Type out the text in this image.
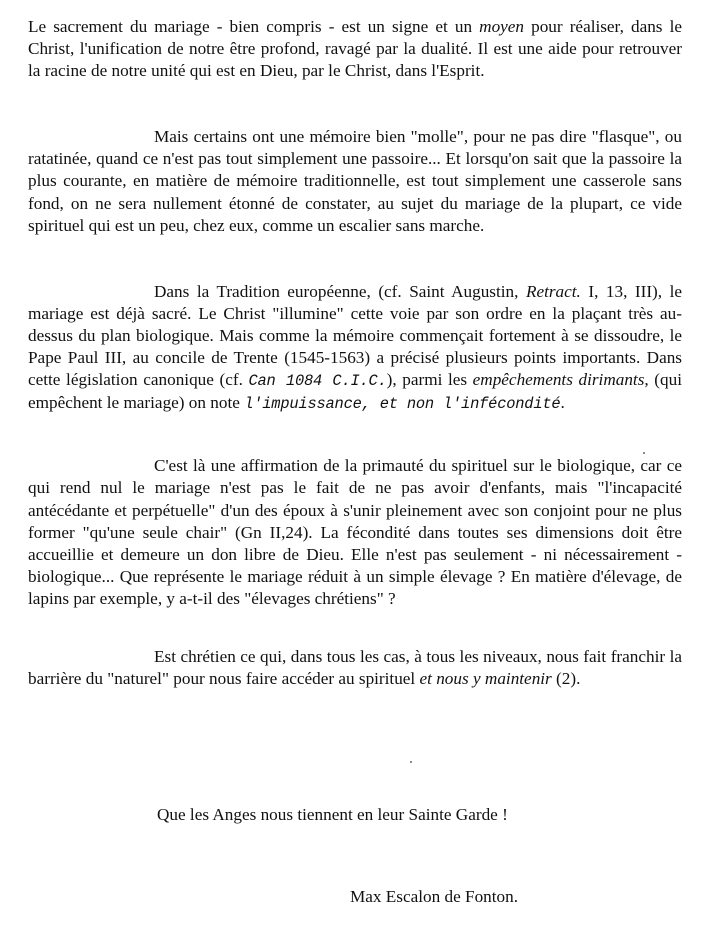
Le sacrement du mariage - bien compris - est un signe et un moyen pour réaliser, dans le Christ, l'unification de notre être profond, ravagé par la dualité. Il est une aide pour retrouver la racine de notre unité qui est en Dieu, par le Christ, dans l'Esprit.

Mais certains ont une mémoire bien "molle", pour ne pas dire "flasque", ou ratatinée, quand ce n'est pas tout simplement une passoire... Et lorsqu'on sait que la passoire la plus courante, en matière de mémoire traditionnelle, est tout simplement une casserole sans fond, on ne sera nullement étonné de constater, au sujet du mariage de la plupart, ce vide spirituel qui est un peu, chez eux, comme un escalier sans marche.

Dans la Tradition européenne, (cf. Saint Augustin, Retract. I, 13, III), le mariage est déjà sacré. Le Christ "illumine" cette voie par son ordre en la plaçant très au-dessus du plan biologique. Mais comme la mémoire commençait fortement à se dissoudre, le Pape Paul III, au concile de Trente (1545-1563) a précisé plusieurs points importants. Dans cette législation canonique (cf. Can 1084 C.I.C.), parmi les empêchements dirimants, (qui empêchent le mariage) on note l'impuissance, et non l'infécondité.

C'est là une affirmation de la primauté du spirituel sur le biologique, car ce qui rend nul le mariage n'est pas le fait de ne pas avoir d'enfants, mais "l'incapacité antécédante et perpétuelle" d'un des époux à s'unir pleinement avec son conjoint pour ne plus former "qu'une seule chair" (Gn II,24). La fécondité dans toutes ses dimensions doit être accueillie et demeure un don libre de Dieu. Elle n'est pas seulement - ni nécessairement - biologique... Que représente le mariage réduit à un simple élevage ? En matière d'élevage, de lapins par exemple, y a-t-il des "élevages chrétiens" ?

Est chrétien ce qui, dans tous les cas, à tous les niveaux, nous fait franchir la barrière du "naturel" pour nous faire accéder au spirituel et nous y maintenir (2).

Que les Anges nous tiennent en leur Sainte Garde !

Max Escalon de Fonton.
